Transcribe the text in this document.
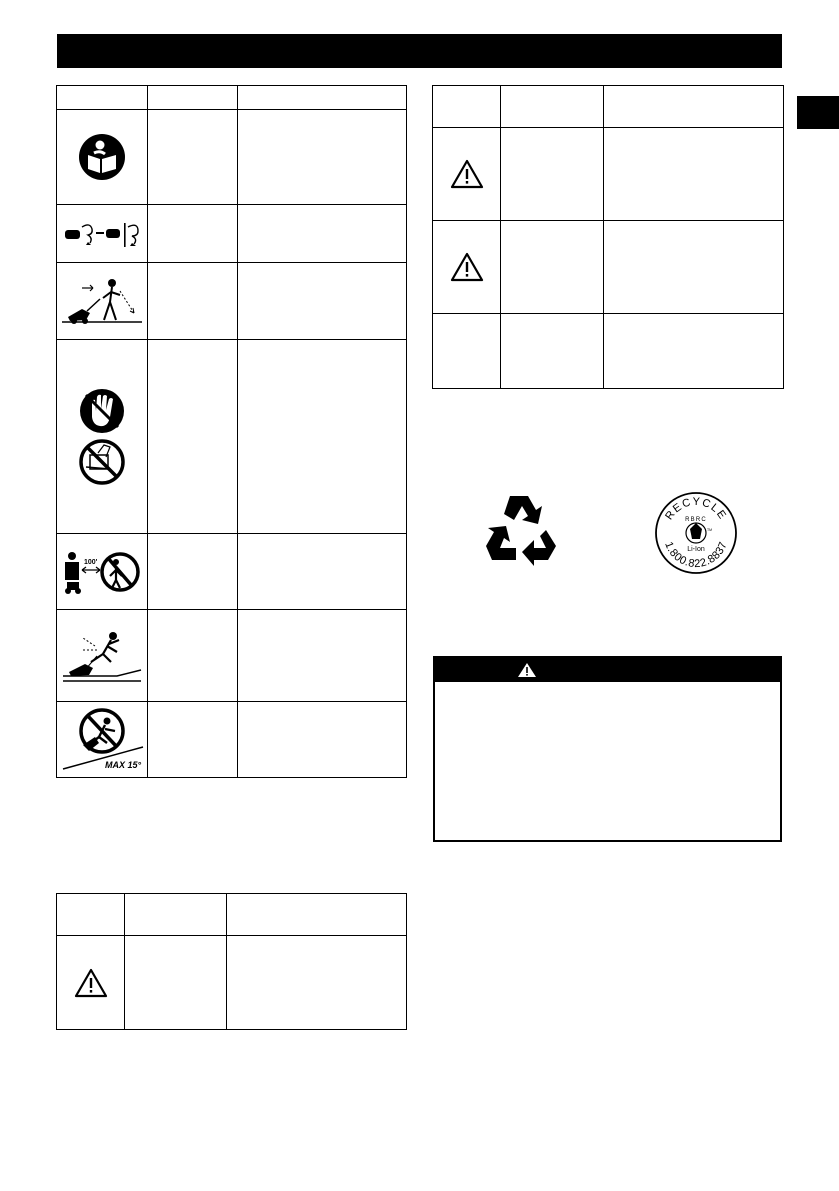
100'		

MAX 15°		

RECYCLE
1.800.822.8837
RBRC
TM
Li-Ion
